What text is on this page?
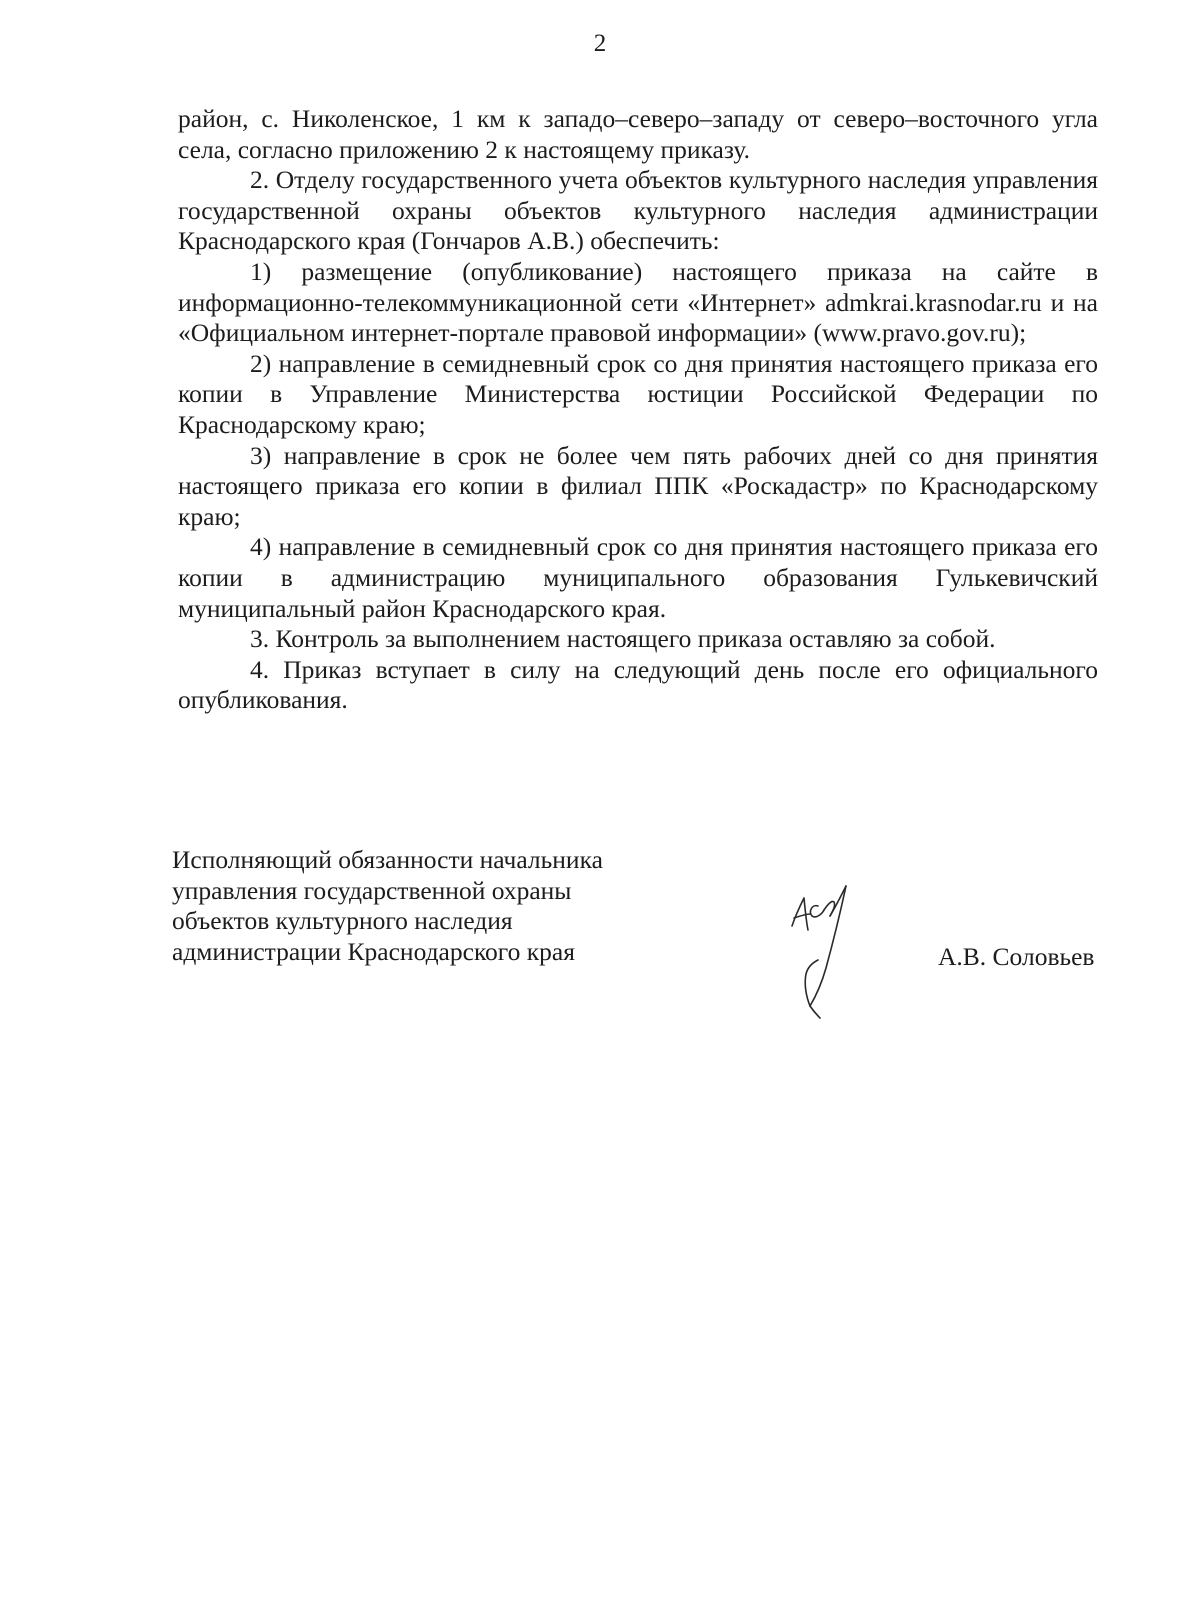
2

район, с. Николенское, 1 км к западо–северо–западу от северо–восточного угла села, согласно приложению 2 к настоящему приказу.

2. Отделу государственного учета объектов культурного наследия управления государственной охраны объектов культурного наследия администрации Краснодарского края (Гончаров А.В.) обеспечить:

1) размещение (опубликование) настоящего приказа на сайте в информационно-телекоммуникационной сети «Интернет» admkrai.krasnodar.ru и на «Официальном интернет-портале правовой информации» (www.pravo.gov.ru);

2) направление в семидневный срок со дня принятия настоящего приказа его копии в Управление Министерства юстиции Российской Федерации по Краснодарскому краю;

3) направление в срок не более чем пять рабочих дней со дня принятия настоящего приказа его копии в филиал ППК «Роскадастр» по Краснодарскому краю;

4) направление в семидневный срок со дня принятия настоящего приказа его копии в администрацию муниципального образования Гулькевичский муниципальный район Краснодарского края.

3. Контроль за выполнением настоящего приказа оставляю за собой.

4. Приказ вступает в силу на следующий день после его официального опубликования.

Исполняющий обязанности начальника
управления государственной охраны
объектов культурного наследия
администрации Краснодарского края	А.В. Соловьев
